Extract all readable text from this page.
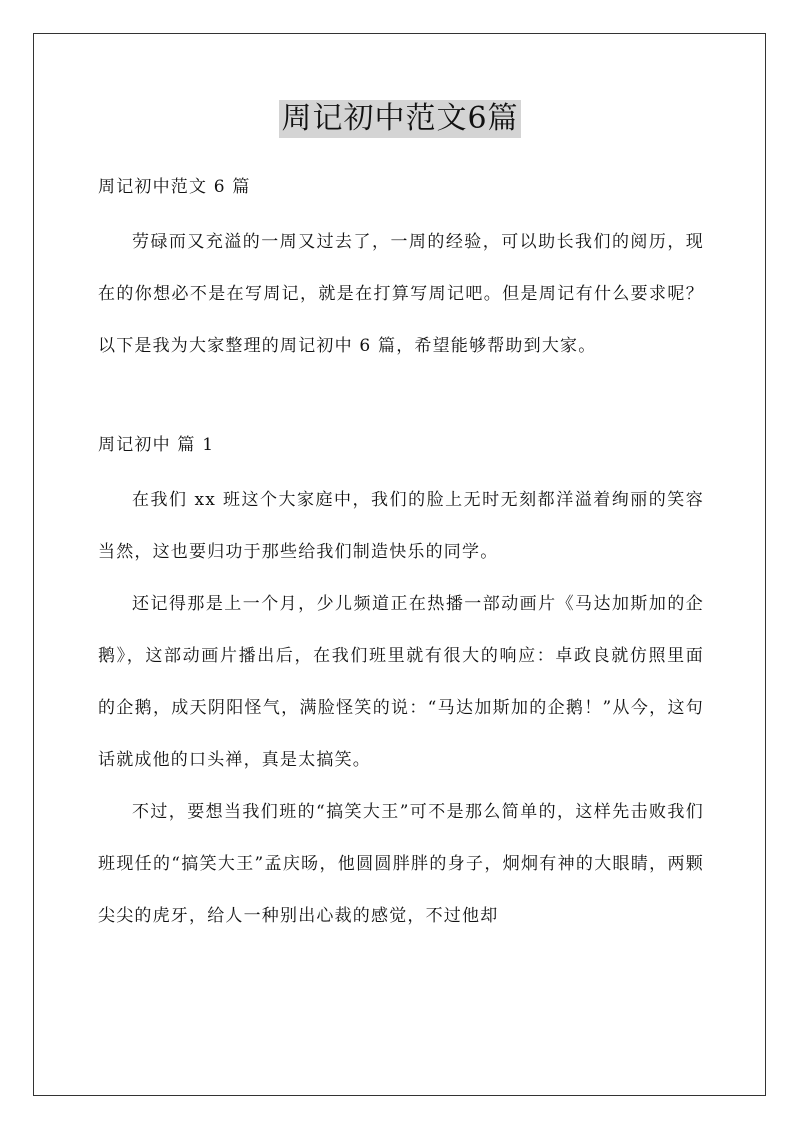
周记初中范文6篇

周记初中范文 6 篇

劳碌而又充溢的一周又过去了，一周的经验，可以助长我们的阅历，现在的你想必不是在写周记，就是在打算写周记吧。但是周记有什么要求呢？以下是我为大家整理的周记初中 6 篇，希望能够帮助到大家。

周记初中 篇 1

在我们 xx 班这个大家庭中，我们的脸上无时无刻都洋溢着绚丽的笑容当然，这也要归功于那些给我们制造快乐的同学。

还记得那是上一个月，少儿频道正在热播一部动画片《马达加斯加的企鹅》，这部动画片播出后，在我们班里就有很大的响应：卓政良就仿照里面的企鹅，成天阴阳怪气，满脸怪笑的说：“马达加斯加的企鹅！”从今，这句话就成他的口头禅，真是太搞笑。

不过，要想当我们班的“搞笑大王”可不是那么简单的，这样先击败我们班现任的“搞笑大王”孟庆旸，他圆圆胖胖的身子，炯炯有神的大眼睛，两颗尖尖的虎牙，给人一种别出心裁的感觉，不过他却
